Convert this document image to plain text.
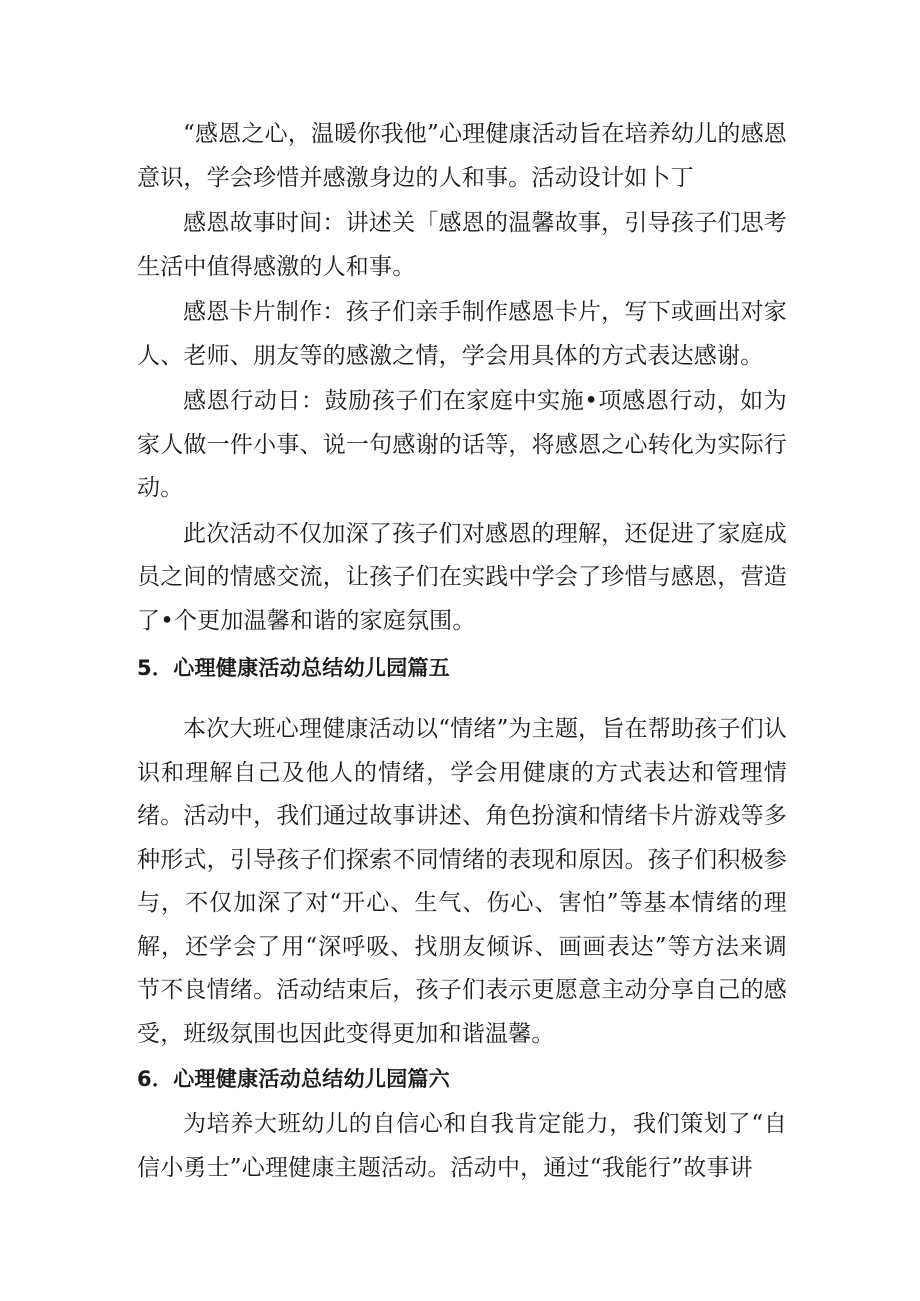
“感恩之心，温暖你我他”心理健康活动旨在培养幼儿的感恩意识，学会珍惜并感激身边的人和事。活动设计如卜丁

感恩故事时间：讲述关「感恩的温馨故事，引导孩子们思考生活中值得感激的人和事。

感恩卡片制作：孩子们亲手制作感恩卡片，写下或画出对家人、老师、朋友等的感激之情，学会用具体的方式表达感谢。

感恩行动日：鼓励孩子们在家庭中实施•项感恩行动，如为家人做一件小事、说一句感谢的话等，将感恩之心转化为实际行动。

此次活动不仅加深了孩子们对感恩的理解，还促进了家庭成员之间的情感交流，让孩子们在实践中学会了珍惜与感恩，营造了•个更加温馨和谐的家庭氛围。

5．心理健康活动总结幼儿园篇五

本次大班心理健康活动以“情绪”为主题，旨在帮助孩子们认识和理解自己及他人的情绪，学会用健康的方式表达和管理情绪。活动中，我们通过故事讲述、角色扮演和情绪卡片游戏等多种形式，引导孩子们探索不同情绪的表现和原因。孩子们积极参与，不仅加深了对“开心、生气、伤心、害怕”等基本情绪的理解，还学会了用“深呼吸、找朋友倾诉、画画表达”等方法来调节不良情绪。活动结束后，孩子们表示更愿意主动分享自己的感受，班级氛围也因此变得更加和谐温馨。

6．心理健康活动总结幼儿园篇六

为培养大班幼儿的自信心和自我肯定能力，我们策划了“自信小勇士”心理健康主题活动。活动中，通过“我能行”故事讲
